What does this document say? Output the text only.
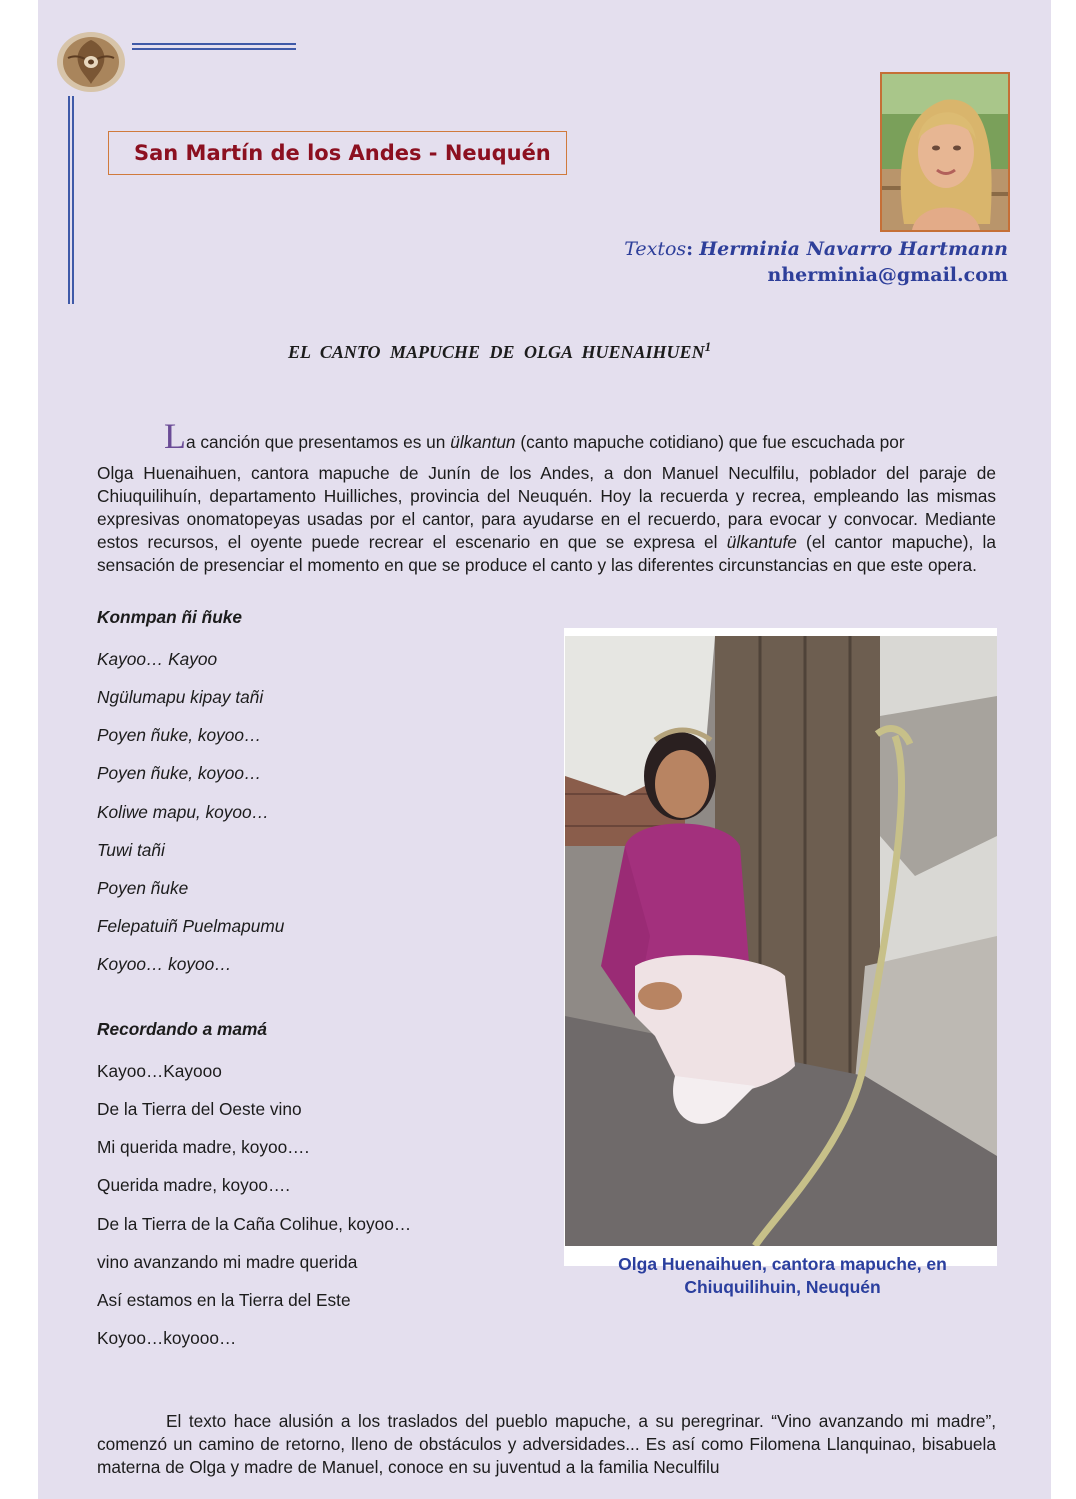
San Martín de los Andes - Neuquén
Textos: Herminia Navarro Hartmann
nherminia@gmail.com
EL CANTO MAPUCHE DE OLGA HUENAIHUEN$^1$
La canción que presentamos es un ülkantun (canto mapuche cotidiano) que fue escuchada por
Olga Huenaihuen, cantora mapuche de Junín de los Andes, a don Manuel Neculfilu, poblador del paraje de Chiuquilihuín, departamento Huilliches, provincia del Neuquén. Hoy la recuerda y recrea, empleando las mismas expresivas onomatopeyas usadas por el cantor, para ayudarse en el recuerdo, para evocar y convocar. Mediante estos recursos, el oyente puede recrear el escenario en que se expresa el ülkantufe (el cantor mapuche), la sensación de presenciar el momento en que se produce el canto y las diferentes circunstancias en que este opera.
Konmpan ñi ñuke
Kayoo… Kayoo
Ngülumapu kipay tañi
Poyen ñuke, koyoo…
Poyen ñuke, koyoo…
Koliwe mapu, koyoo…
Tuwi tañi
Poyen ñuke
Felepatuiñ Puelmapumu
Koyoo… koyoo…
Recordando a mamá
Kayoo…Kayooo
De la Tierra del Oeste vino
Mi querida madre, koyoo….
Querida madre, koyoo….
De la Tierra de la Caña Colihue, koyoo…
vino avanzando mi madre querida
Así estamos en la Tierra del Este
Koyoo…koyooo…
Olga Huenaihuen, cantora mapuche, en Chiuquilihuin, Neuquén
El texto hace alusión a los traslados del pueblo mapuche, a su peregrinar. “Vino avanzando mi madre”, comenzó un camino de retorno, lleno de obstáculos y adversidades... Es así como Filomena Llanquinao, bisabuela materna de Olga y madre de Manuel, conoce en su juventud a la familia Neculfilu
